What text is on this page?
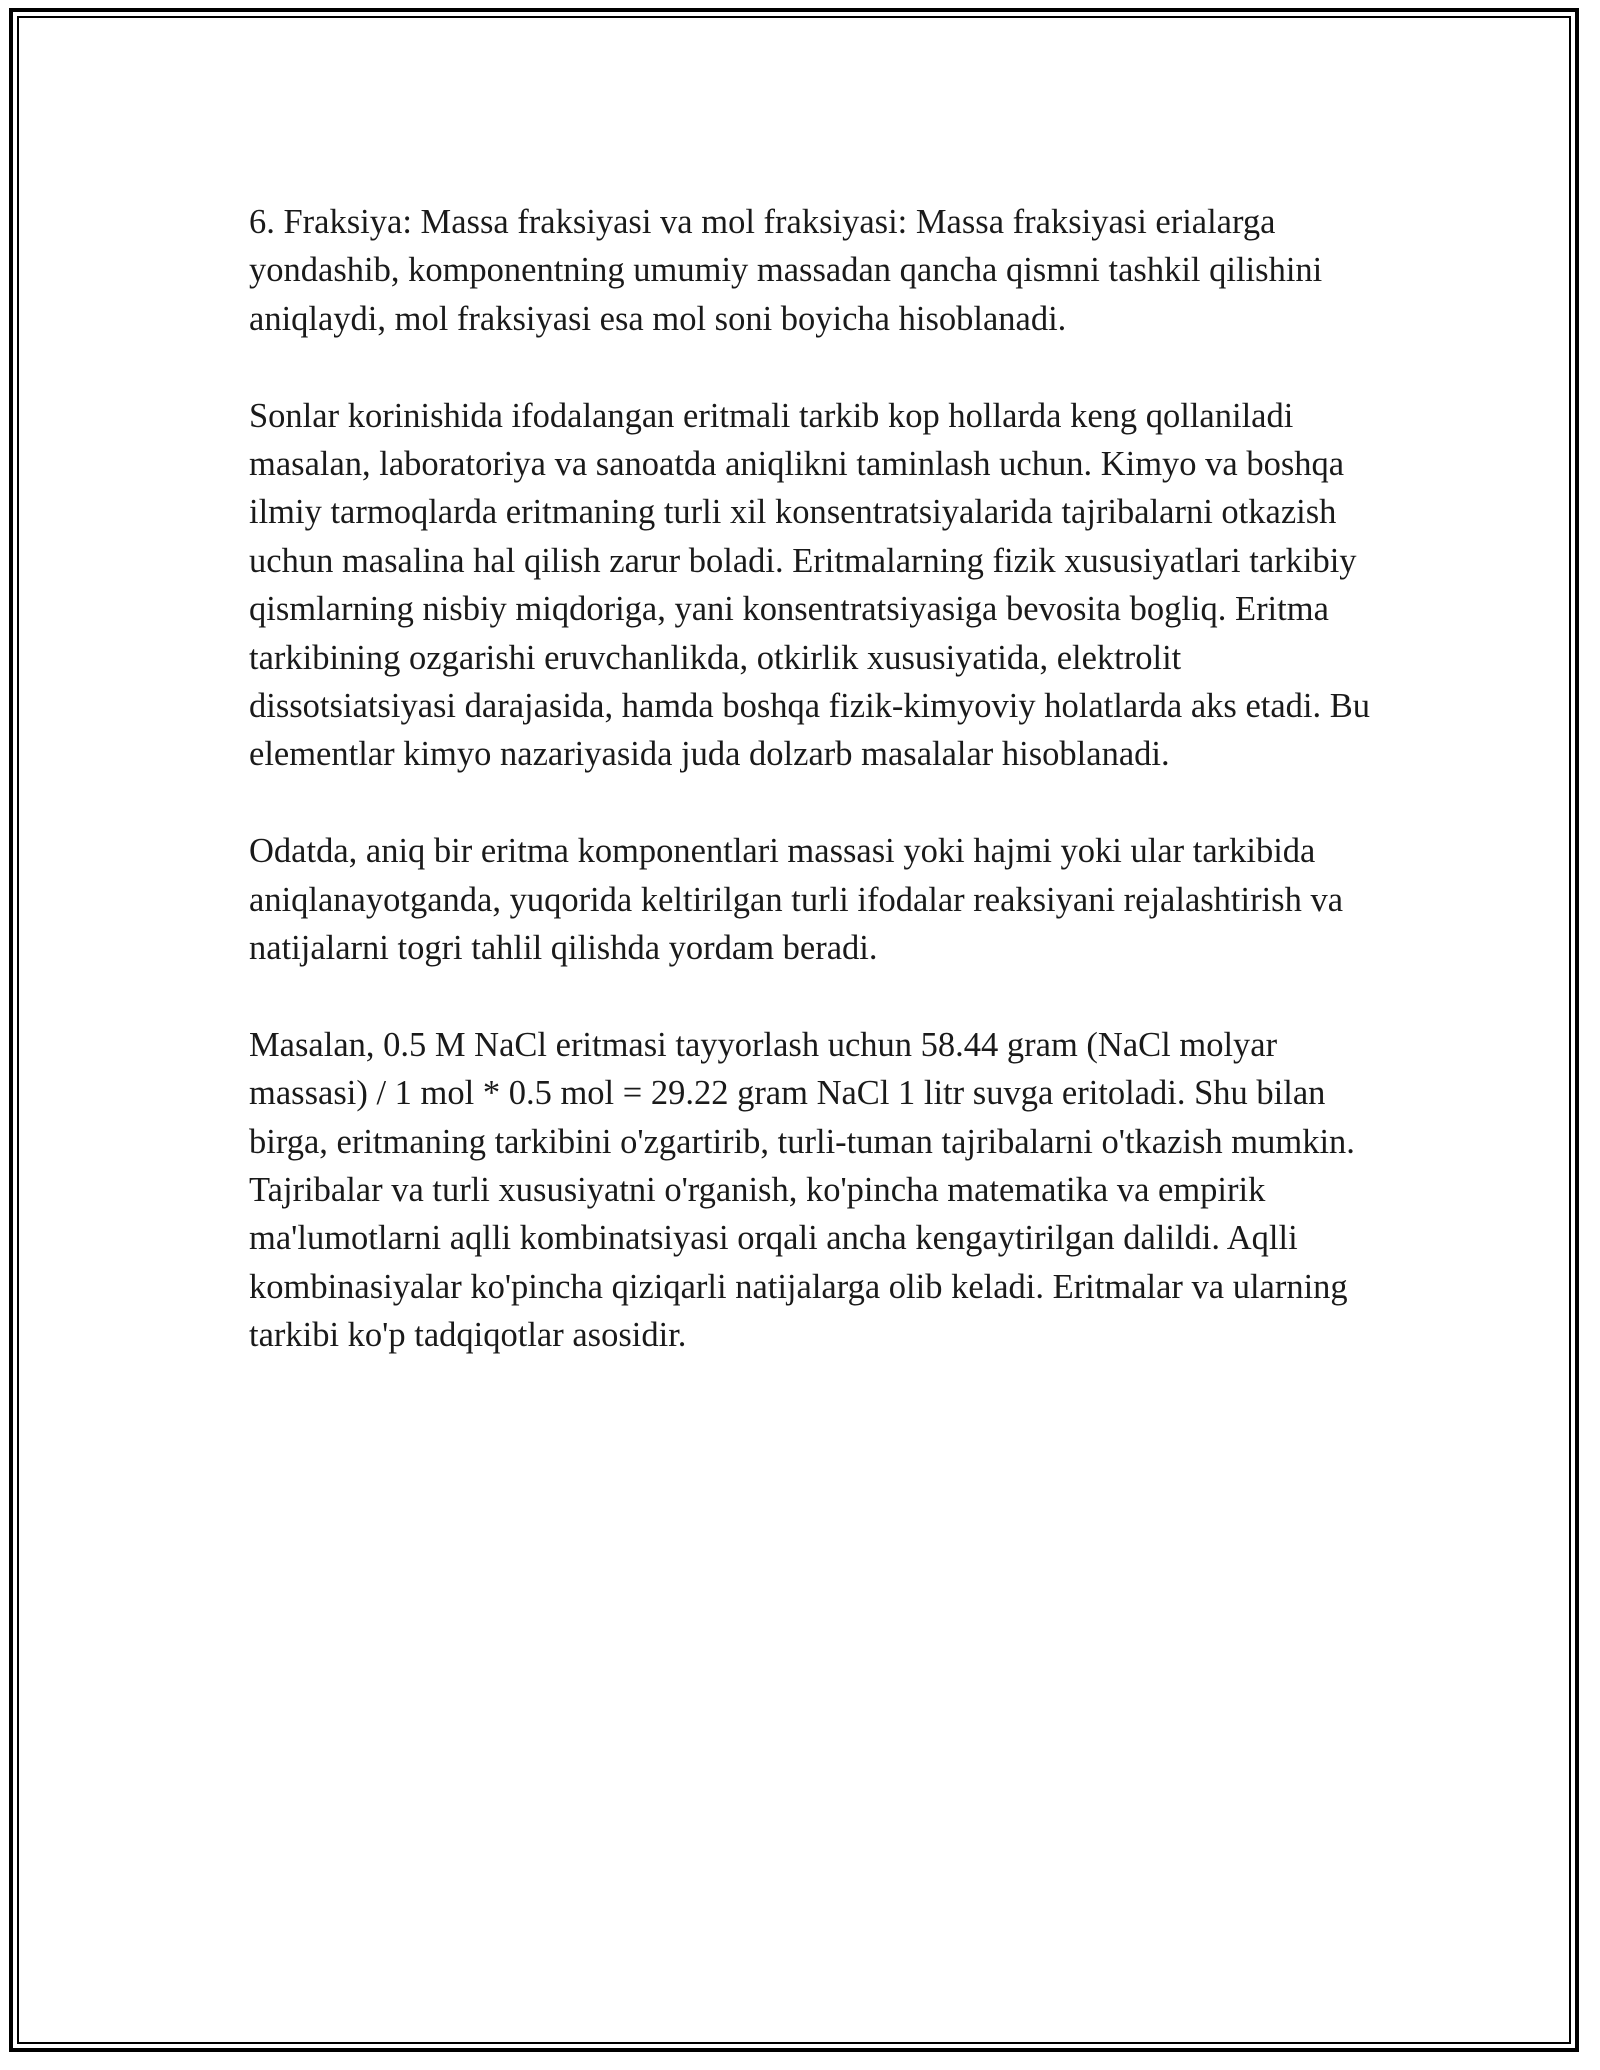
6. Fraksiya: Massa fraksiyasi va mol fraksiyasi: Massa fraksiyasi erialarga yondashib, komponentning umumiy massadan qancha qismni tashkil qilishini aniqlaydi, mol fraksiyasi esa mol soni boyicha hisoblanadi.

Sonlar korinishida ifodalangan eritmali tarkib kop hollarda keng qollaniladi masalan, laboratoriya va sanoatda aniqlikni taminlash uchun. Kimyo va boshqa ilmiy tarmoqlarda eritmaning turli xil konsentratsiyalarida tajribalarni otkazish uchun masalina hal qilish zarur boladi. Eritmalarning fizik xususiyatlari tarkibiy qismlarning nisbiy miqdoriga, yani konsentratsiyasiga bevosita bogliq. Eritma tarkibining ozgarishi eruvchanlikda, otkirlik xususiyatida, elektrolit dissotsiatsiyasi darajasida, hamda boshqa fizik-kimyoviy holatlarda aks etadi. Bu elementlar kimyo nazariyasida juda dolzarb masalalar hisoblanadi.

Odatda, aniq bir eritma komponentlari massasi yoki hajmi yoki ular tarkibida aniqlanayotganda, yuqorida keltirilgan turli ifodalar reaksiyani rejalashtirish va natijalarni togri tahlil qilishda yordam beradi.

Masalan, 0.5 M NaCl eritmasi tayyorlash uchun 58.44 gram (NaCl molyar massasi) / 1 mol * 0.5 mol = 29.22 gram NaCl 1 litr suvga eritoladi. Shu bilan birga, eritmaning tarkibini o'zgartirib, turli-tuman tajribalarni o'tkazish mumkin. Tajribalar va turli xususiyatni o'rganish, ko'pincha matematika va empirik ma'lumotlarni aqlli kombinatsiyasi orqali ancha kengaytirilgan dalildi. Aqlli kombinasiyalar ko'pincha qiziqarli natijalarga olib keladi. Eritmalar va ularning tarkibi ko'p tadqiqotlar asosidir.
